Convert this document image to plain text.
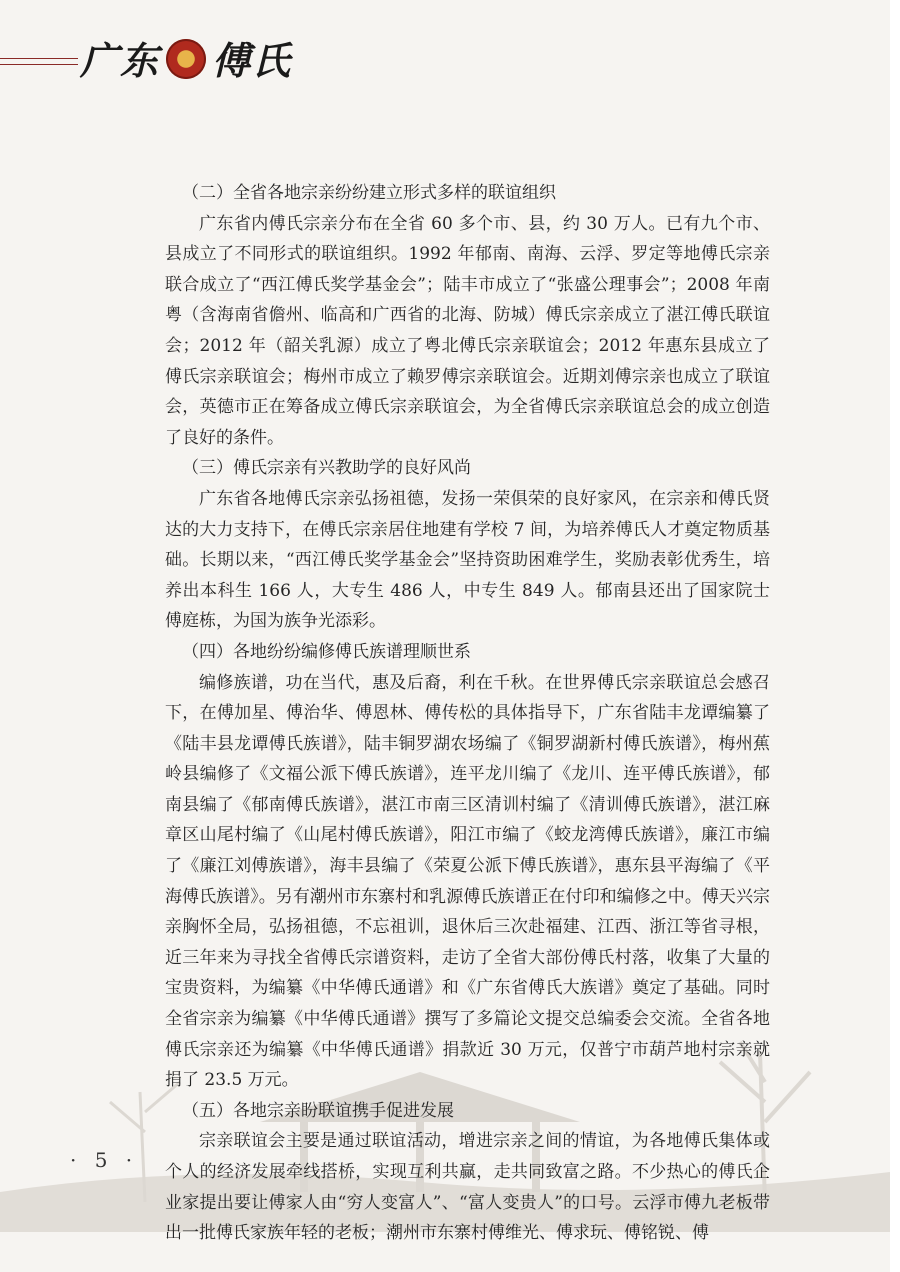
广东 傅氏

（二）全省各地宗亲纷纷建立形式多样的联谊组织

广东省内傅氏宗亲分布在全省 60 多个市、县，约 30 万人。已有九个市、县成立了不同形式的联谊组织。1992 年郁南、南海、云浮、罗定等地傅氏宗亲联合成立了“西江傅氏奖学基金会”；陆丰市成立了“张盛公理事会”；2008 年南粤（含海南省儋州、临高和广西省的北海、防城）傅氏宗亲成立了湛江傅氏联谊会；2012 年（韶关乳源）成立了粤北傅氏宗亲联谊会；2012 年惠东县成立了傅氏宗亲联谊会；梅州市成立了赖罗傅宗亲联谊会。近期刘傅宗亲也成立了联谊会，英德市正在筹备成立傅氏宗亲联谊会，为全省傅氏宗亲联谊总会的成立创造了良好的条件。

（三）傅氏宗亲有兴教助学的良好风尚

广东省各地傅氏宗亲弘扬祖德，发扬一荣俱荣的良好家风，在宗亲和傅氏贤达的大力支持下，在傅氏宗亲居住地建有学校 7 间，为培养傅氏人才奠定物质基础。长期以来，“西江傅氏奖学基金会”坚持资助困难学生，奖励表彰优秀生，培养出本科生 166 人，大专生 486 人，中专生 849 人。郁南县还出了国家院士傅庭栋，为国为族争光添彩。

（四）各地纷纷编修傅氏族谱理顺世系

编修族谱，功在当代，惠及后裔，利在千秋。在世界傅氏宗亲联谊总会感召下，在傅加星、傅治华、傅恩林、傅传松的具体指导下，广东省陆丰龙谭编纂了《陆丰县龙谭傅氏族谱》，陆丰铜罗湖农场编了《铜罗湖新村傅氏族谱》，梅州蕉岭县编修了《文福公派下傅氏族谱》，连平龙川编了《龙川、连平傅氏族谱》，郁南县编了《郁南傅氏族谱》，湛江市南三区清训村编了《清训傅氏族谱》，湛江麻章区山尾村编了《山尾村傅氏族谱》，阳江市编了《蛟龙湾傅氏族谱》，廉江市编了《廉江刘傅族谱》，海丰县编了《荣夏公派下傅氏族谱》，惠东县平海编了《平海傅氏族谱》。另有潮州市东寨村和乳源傅氏族谱正在付印和编修之中。傅天兴宗亲胸怀全局，弘扬祖德，不忘祖训，退休后三次赴福建、江西、浙江等省寻根，近三年来为寻找全省傅氏宗谱资料，走访了全省大部份傅氏村落，收集了大量的宝贵资料，为编纂《中华傅氏通谱》和《广东省傅氏大族谱》奠定了基础。同时全省宗亲为编纂《中华傅氏通谱》撰写了多篇论文提交总编委会交流。全省各地傅氏宗亲还为编纂《中华傅氏通谱》捐款近 30 万元，仅普宁市葫芦地村宗亲就捐了 23.5 万元。

（五）各地宗亲盼联谊携手促进发展

宗亲联谊会主要是通过联谊活动，增进宗亲之间的情谊，为各地傅氏集体或个人的经济发展牵线搭桥，实现互利共赢，走共同致富之路。不少热心的傅氏企业家提出要让傅家人由“穷人变富人”、“富人变贵人”的口号。云浮市傅九老板带出一批傅氏家族年轻的老板；潮州市东寨村傅维光、傅求玩、傅铭锐、傅

· 5 ·
